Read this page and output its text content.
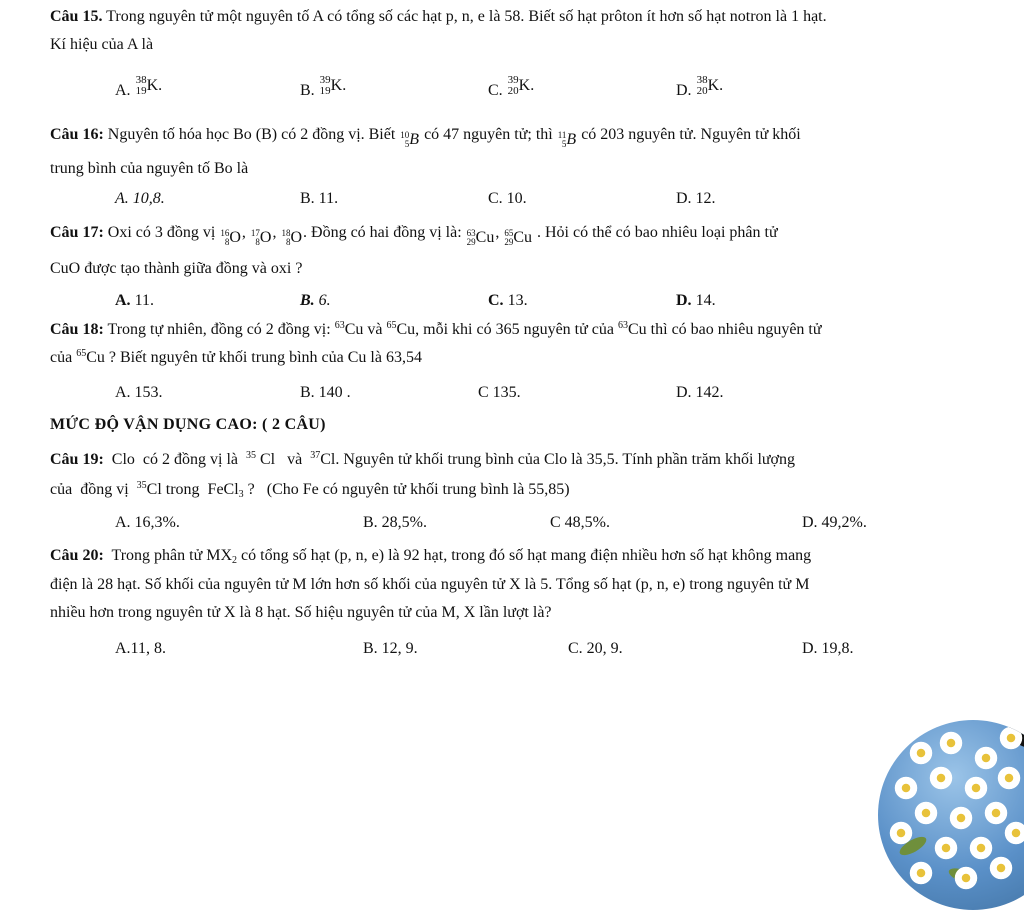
Câu 15. Trong nguyên tử một nguyên tố A có tổng số các hạt p, n, e là 58. Biết số hạt prôton ít hơn số hạt notron là 1 hạt.
Kí hiệu của A là
A.
38
19 K.	B.
39
19 K.	C.
39
20 K.	D.
38
20 K.
Câu 16: Nguyên tố hóa học Bo (B) có 2 đồng vị. Biết 10
5 B có 47 nguyên tử; thì 11
5 B có 203 nguyên tử. Nguyên tử khối
trung bình của nguyên tố Bo là
A. 10,8.	B. 11.	C. 10.	D. 12.
Câu 17: Oxi có 3 đồng vị 16
8 O, 17
8 O, 18
8 O. Đồng có hai đồng vị là: 63
29 Cu, 65
29 Cu . Hỏi có thể có bao nhiêu loại phân tử
CuO được tạo thành giữa đồng và oxi ?
A. 11.	B. 6.	C. 13.	D. 14.
Câu 18: Trong tự nhiên, đồng có 2 đồng vị: $^{63}$Cu và $^{65}$Cu, mỗi khi có 365 nguyên tử của $^{63}$Cu thì có bao nhiêu nguyên tử
của $^{65}$Cu ? Biết nguyên tử khối trung bình của Cu là 63,54
A. 153.	B. 140 .	C 135.	D. 142.
MỨC ĐỘ VẬN DỤNG CAO: ( 2 CÂU)
Câu 19:  Clo  có 2 đồng vị là  $^{35}$ Cl   và  $^{37}$Cl. Nguyên tử khối trung bình của Clo là 35,5. Tính phần trăm khối lượng
của  đồng vị  $^{35}$Cl trong  FeCl$_3$ ?   (Cho Fe có nguyên tử khối trung bình là 55,85)
A. 16,3%.	B. 28,5%.	C 48,5%.	D. 49,2%.
Câu 20:  Trong phân tử $MX_2$ có tổng số hạt (p, n, e) là 92 hạt, trong đó số hạt mang điện nhiều hơn số hạt không mang
điện là 28 hạt. Số khối của nguyên tử M lớn hơn số khối của nguyên tử X là 5. Tổng số hạt (p, n, e) trong nguyên tử M
nhiều hơn trong nguyên tử X là 8 hạt. Số hiệu nguyên tử của M, X lần lượt là?
A.11, 8.	B. 12, 9.	C. 20, 9.	D. 19,8.
